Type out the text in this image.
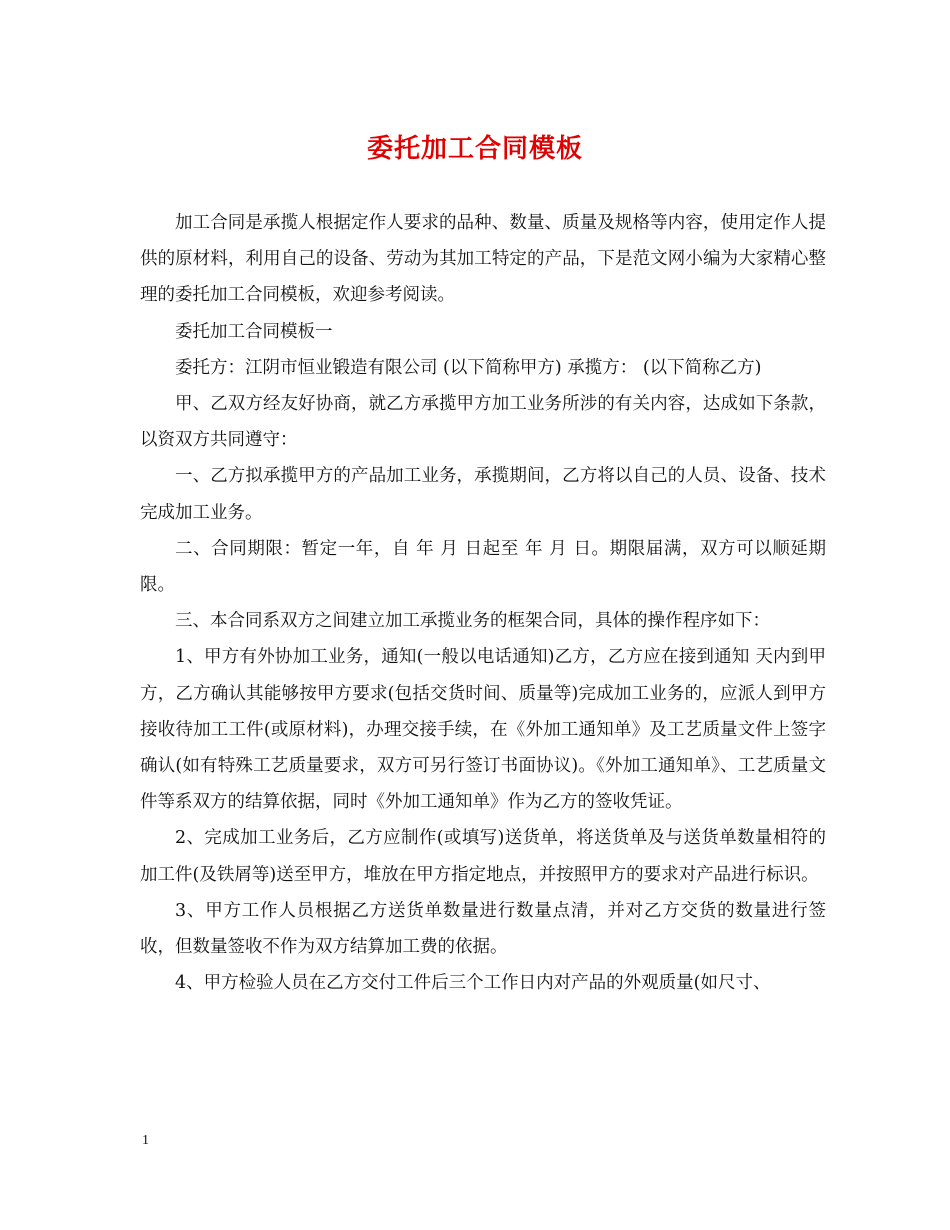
委托加工合同模板

加工合同是承揽人根据定作人要求的品种、数量、质量及规格等内容，使用定作人提供的原材料，利用自己的设备、劳动为其加工特定的产品，下是范文网小编为大家精心整理的委托加工合同模板，欢迎参考阅读。

委托加工合同模板一

委托方：江阴市恒业锻造有限公司 (以下简称甲方) 承揽方： (以下简称乙方)

甲、乙双方经友好协商，就乙方承揽甲方加工业务所涉的有关内容，达成如下条款，以资双方共同遵守：

一、乙方拟承揽甲方的产品加工业务，承揽期间，乙方将以自己的人员、设备、技术完成加工业务。

二、合同期限：暂定一年，自 年 月 日起至 年 月 日。期限届满，双方可以顺延期限。

三、本合同系双方之间建立加工承揽业务的框架合同，具体的操作程序如下：

1、甲方有外协加工业务，通知(一般以电话通知)乙方，乙方应在接到通知 天内到甲方，乙方确认其能够按甲方要求(包括交货时间、质量等)完成加工业务的，应派人到甲方接收待加工工件(或原材料)，办理交接手续，在《外加工通知单》及工艺质量文件上签字确认(如有特殊工艺质量要求，双方可另行签订书面协议)。《外加工通知单》、工艺质量文件等系双方的结算依据，同时《外加工通知单》作为乙方的签收凭证。

2、完成加工业务后，乙方应制作(或填写)送货单，将送货单及与送货单数量相符的加工件(及铁屑等)送至甲方，堆放在甲方指定地点，并按照甲方的要求对产品进行标识。

3、甲方工作人员根据乙方送货单数量进行数量点清，并对乙方交货的数量进行签收，但数量签收不作为双方结算加工费的依据。

4、甲方检验人员在乙方交付工件后三个工作日内对产品的外观质量(如尺寸、

1
